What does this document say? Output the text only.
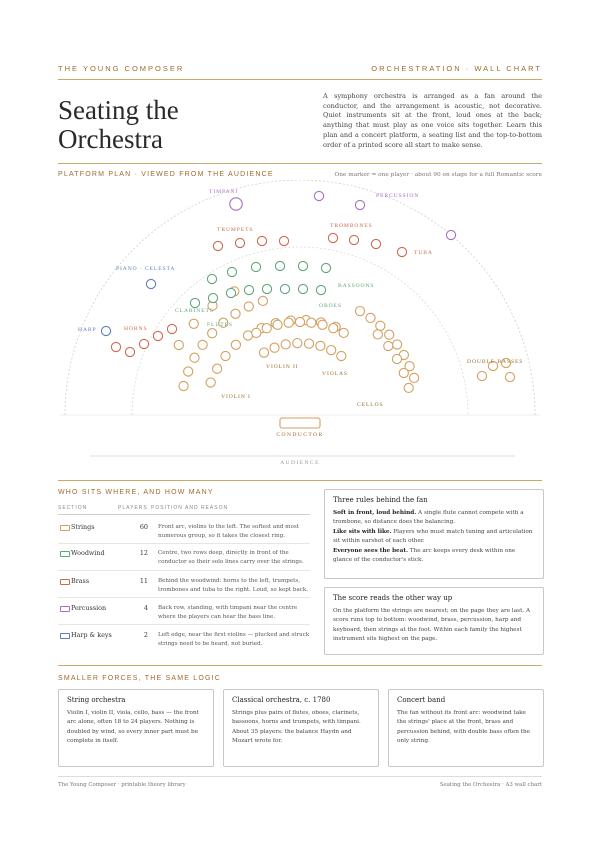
THE YOUNG COMPOSER	ORCHESTRATION · WALL CHART
Seating the Orchestra
A symphony orchestra is arranged as a fan around the conductor, and the arrangement is acoustic, not decorative. Quiet instruments sit at the front, loud ones at the back; anything that must play as one voice sits together. Learn this plan and a concert platform, a seating list and the top-to-bottom order of a printed score all start to make sense.
PLATFORM PLAN · VIEWED FROM THE AUDIENCE	One marker = one player · about 90 on stage for a full Romantic score
TIMPANI
PERCUSSION
TRUMPETS
TROMBONES
TUBA
PIANO · CELESTA
BASSOONS
CLARINETS
OBOES
FLUTES
HARP	HORNS
DOUBLE BASSES
VIOLIN II
VIOLAS
VIOLIN I
CELLOS
CONDUCTOR
AUDIENCE
WHO SITS WHERE, AND HOW MANY
SECTION	PLAYERS POSITION AND REASON
Strings	60 Front arc, violins to the left. The softest and most numerous group, so it takes the closest ring.
Woodwind	12 Centre, two rows deep, directly in front of the conductor so their solo lines carry over the strings.
Brass	11 Behind the woodwind: horns to the left, trumpets, trombones and tuba to the right. Loud, so kept back.
Percussion	4 Back row, standing, with timpani near the centre where the players can hear the bass line.
Harp & keys	2 Left edge, near the first violins — plucked and struck strings need to be heard, not buried.
Three rules behind the fan
Soft in front, loud behind. A single flute cannot compete with a trombone, so distance does the balancing.
Like sits with like. Players who must match tuning and articulation sit within earshot of each other.
Everyone sees the beat. The arc keeps every desk within one glance of the conductor's stick.
The score reads the other way up
On the platform the strings are nearest; on the page they are last. A score runs top to bottom: woodwind, brass, percussion, harp and keyboard, then strings at the foot. Within each family the highest instrument sits highest on the page.
SMALLER FORCES, THE SAME LOGIC
String orchestra
Violin I, violin II, viola, cello, bass — the front arc alone, often 18 to 24 players. Nothing is doubled by wind, so every inner part must be complete in itself.
Classical orchestra, c. 1780
Strings plus pairs of flutes, oboes, clarinets, bassoons, horns and trumpets, with timpani. About 35 players: the balance Haydn and Mozart wrote for.
Concert band
The fan without its front arc: woodwind take the strings' place at the front, brass and percussion behind, with double bass often the only string.
The Young Composer · printable theory library	Seating the Orchestra · A3 wall chart
